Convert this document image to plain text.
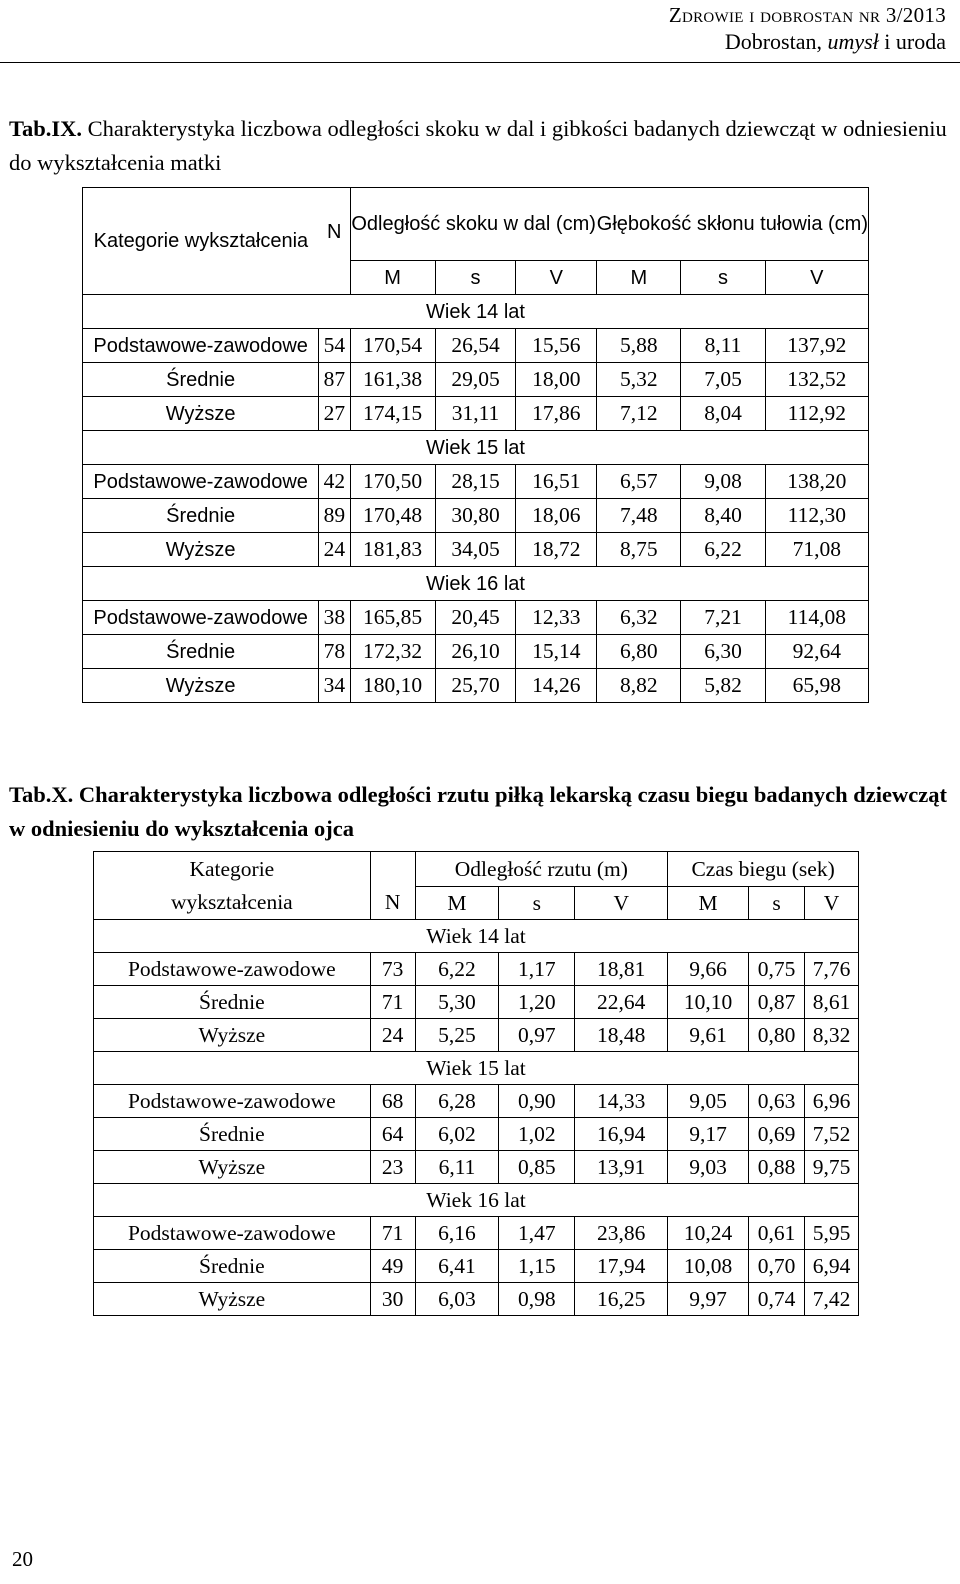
Zdrowie i dobrostan nr 3/2013
Dobrostan, umysł i uroda
Tab.IX. Charakterystyka liczbowa odległości skoku w dal i gibkości badanych dziewcząt w odniesieniu do wykształcenia matki
Kategorie wykształcenia	N	Odległość skoku w dal (cm)			Głębokość skłonu tułowia (cm)		
		M	s	V	M	s	V
Wiek 14 lat							
Podstawowe-zawodowe	54	170,54	26,54	15,56	5,88	8,11	137,92
Średnie	87	161,38	29,05	18,00	5,32	7,05	132,52
Wyższe	27	174,15	31,11	17,86	7,12	8,04	112,92
Wiek 15 lat							
Podstawowe-zawodowe	42	170,50	28,15	16,51	6,57	9,08	138,20
Średnie	89	170,48	30,80	18,06	7,48	8,40	112,30
Wyższe	24	181,83	34,05	18,72	8,75	6,22	71,08
Wiek 16 lat							
Podstawowe-zawodowe	38	165,85	20,45	12,33	6,32	7,21	114,08
Średnie	78	172,32	26,10	15,14	6,80	6,30	92,64
Wyższe	34	180,10	25,70	14,26	8,82	5,82	65,98
Tab.X. Charakterystyka liczbowa odległości rzutu piłką lekarską czasu biegu badanych dziewcząt w odniesieniu do wykształcenia ojca
Kategorie		Odległość rzutu (m)			Czas biegu (sek)		
wykształcenia	N	M	s	V	M	s	V
Wiek 14 lat							
Podstawowe-zawodowe	73	6,22	1,17	18,81	9,66	0,75	7,76
Średnie	71	5,30	1,20	22,64	10,10	0,87	8,61
Wyższe	24	5,25	0,97	18,48	9,61	0,80	8,32
Wiek 15 lat							
Podstawowe-zawodowe	68	6,28	0,90	14,33	9,05	0,63	6,96
Średnie	64	6,02	1,02	16,94	9,17	0,69	7,52
Wyższe	23	6,11	0,85	13,91	9,03	0,88	9,75
Wiek 16 lat							
Podstawowe-zawodowe	71	6,16	1,47	23,86	10,24	0,61	5,95
Średnie	49	6,41	1,15	17,94	10,08	0,70	6,94
Wyższe	30	6,03	0,98	16,25	9,97	0,74	7,42
20
